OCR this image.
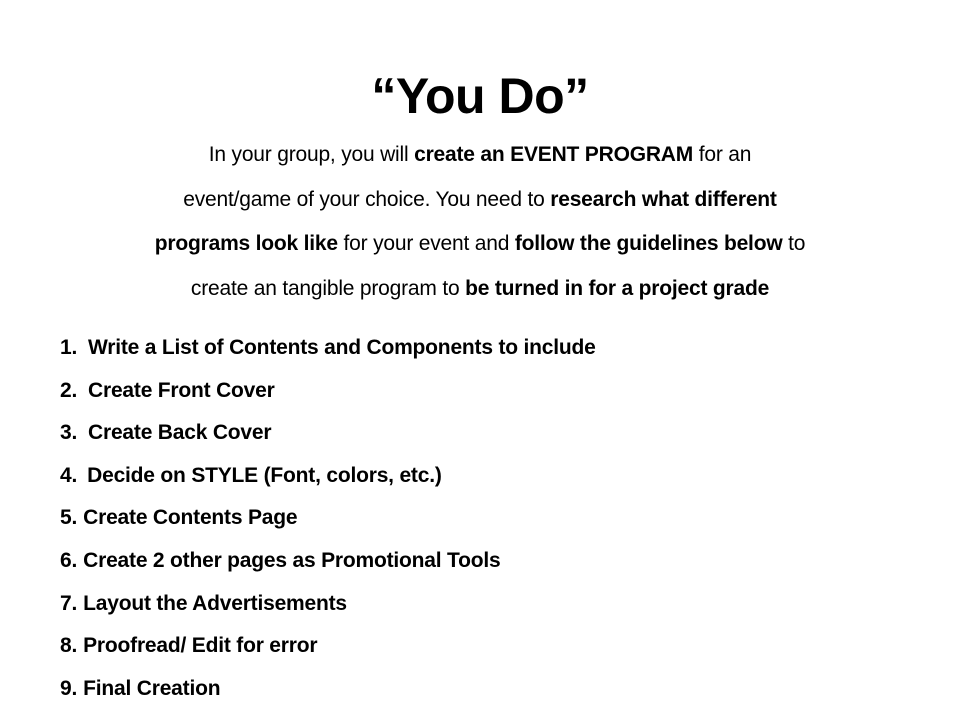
“You Do”
In your group, you will create an EVENT PROGRAM for an
event/game of your choice. You need to research what different
programs look like for your event and follow the guidelines below to
create an tangible program to be turned in for a project grade
1. Write a List of Contents and Components to include
2. Create Front Cover
3. Create Back Cover
4. Decide on STYLE (Font, colors, etc.)
5. Create Contents Page
6. Create 2 other pages as Promotional Tools
7. Layout the Advertisements
8. Proofread/ Edit for error
9. Final Creation
